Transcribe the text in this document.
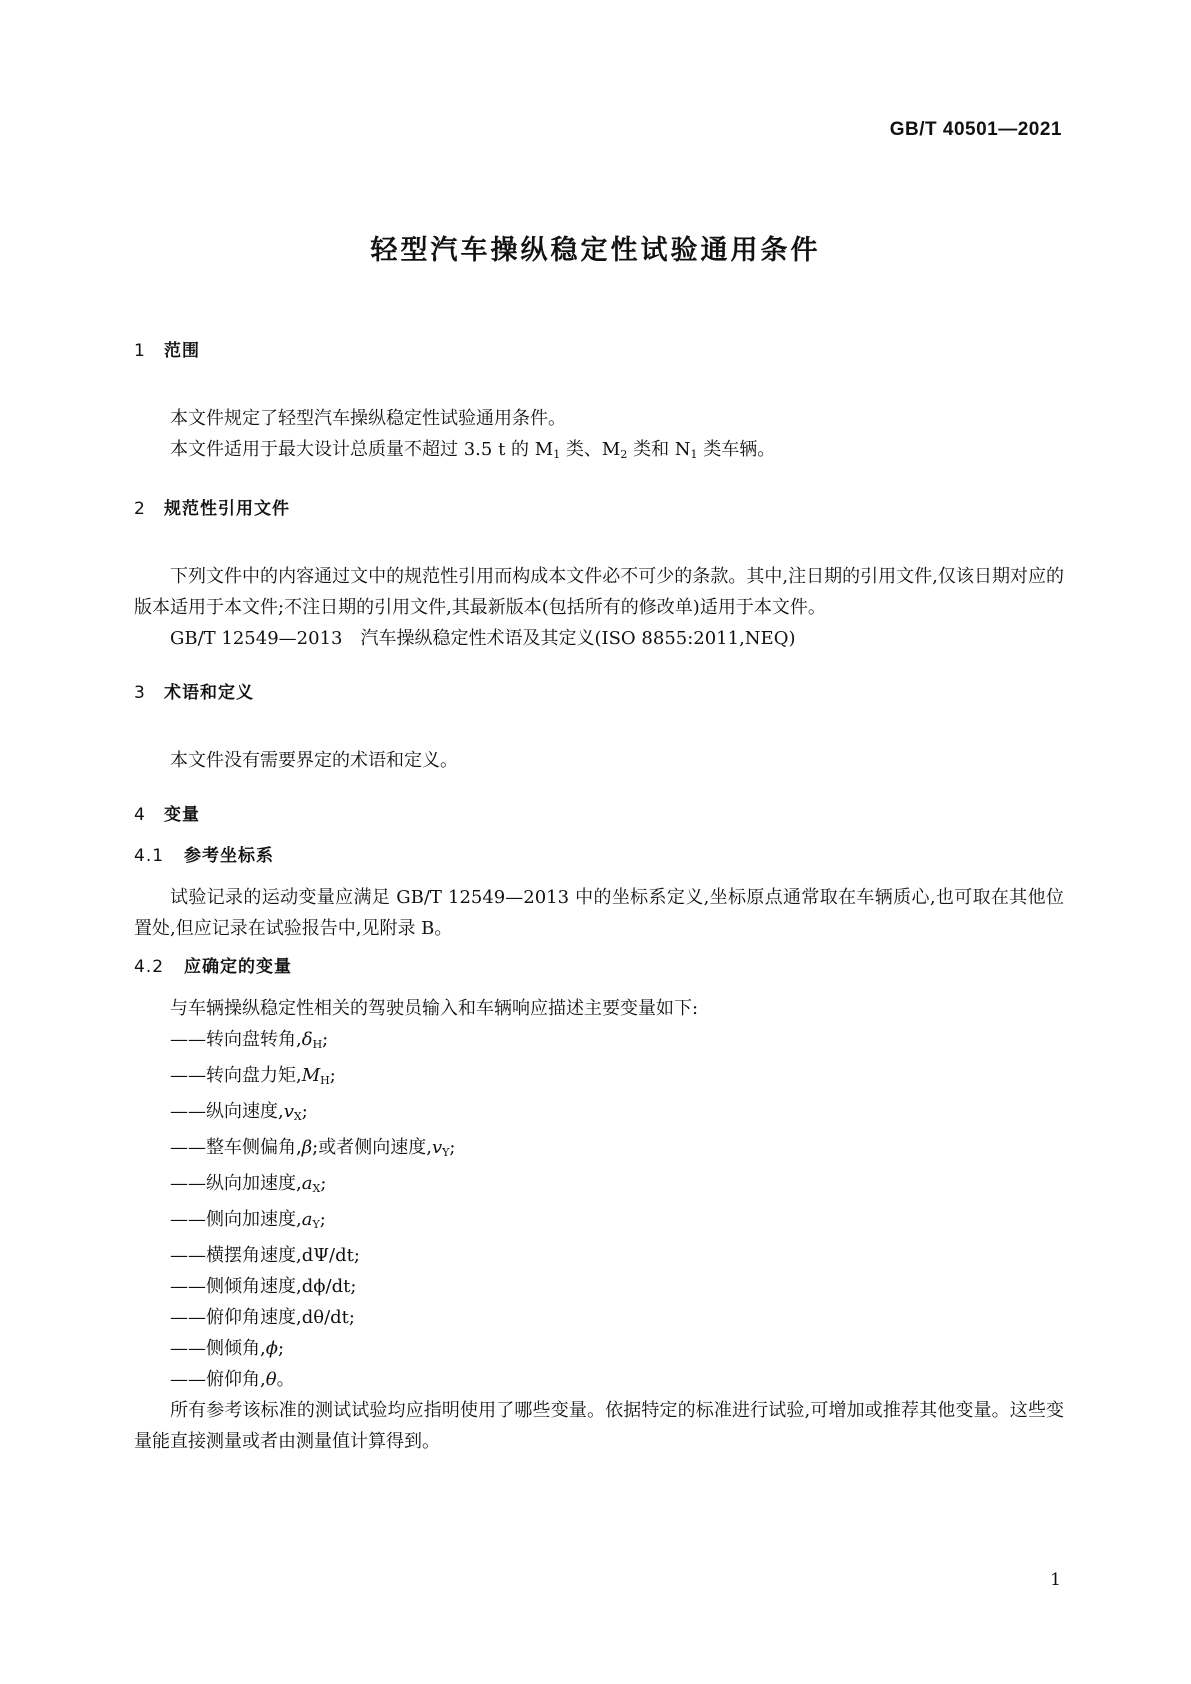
GB/T 40501—2021
轻型汽车操纵稳定性试验通用条件
1 范围

本文件规定了轻型汽车操纵稳定性试验通用条件。

本文件适用于最大设计总质量不超过 3.5 t 的 $M_1$ 类、$M_2$ 类和 $N_1$ 类车辆。

2 规范性引用文件

下列文件中的内容通过文中的规范性引用而构成本文件必不可少的条款。其中,注日期的引用文件,仅该日期对应的版本适用于本文件;不注日期的引用文件,其最新版本(包括所有的修改单)适用于本文件。

GB/T 12549—2013　汽车操纵稳定性术语及其定义(ISO 8855:2011,NEQ)

3 术语和定义

本文件没有需要界定的术语和定义。

4 变量
4.1 参考坐标系

试验记录的运动变量应满足 GB/T 12549—2013 中的坐标系定义,坐标原点通常取在车辆质心,也可取在其他位置处,但应记录在试验报告中,见附录 B。

4.2 应确定的变量

与车辆操纵稳定性相关的驾驶员输入和车辆响应描述主要变量如下:

——转向盘转角$,\delta_H$;

——转向盘力矩$,M_H$;

——纵向速度$,v_X$;

——整车侧偏角,β;或者侧向速度$,v_Y$;

——纵向加速度$,a_X$;

——侧向加速度$,a_Y$;

——横摆角速度,dΨ/dt;

——侧倾角速度,dϕ/dt;

——俯仰角速度,dθ/dt;

——侧倾角,ϕ;

——俯仰角,θ。

所有参考该标准的测试试验均应指明使用了哪些变量。依据特定的标准进行试验,可增加或推荐其他变量。这些变量能直接测量或者由测量值计算得到。

1
